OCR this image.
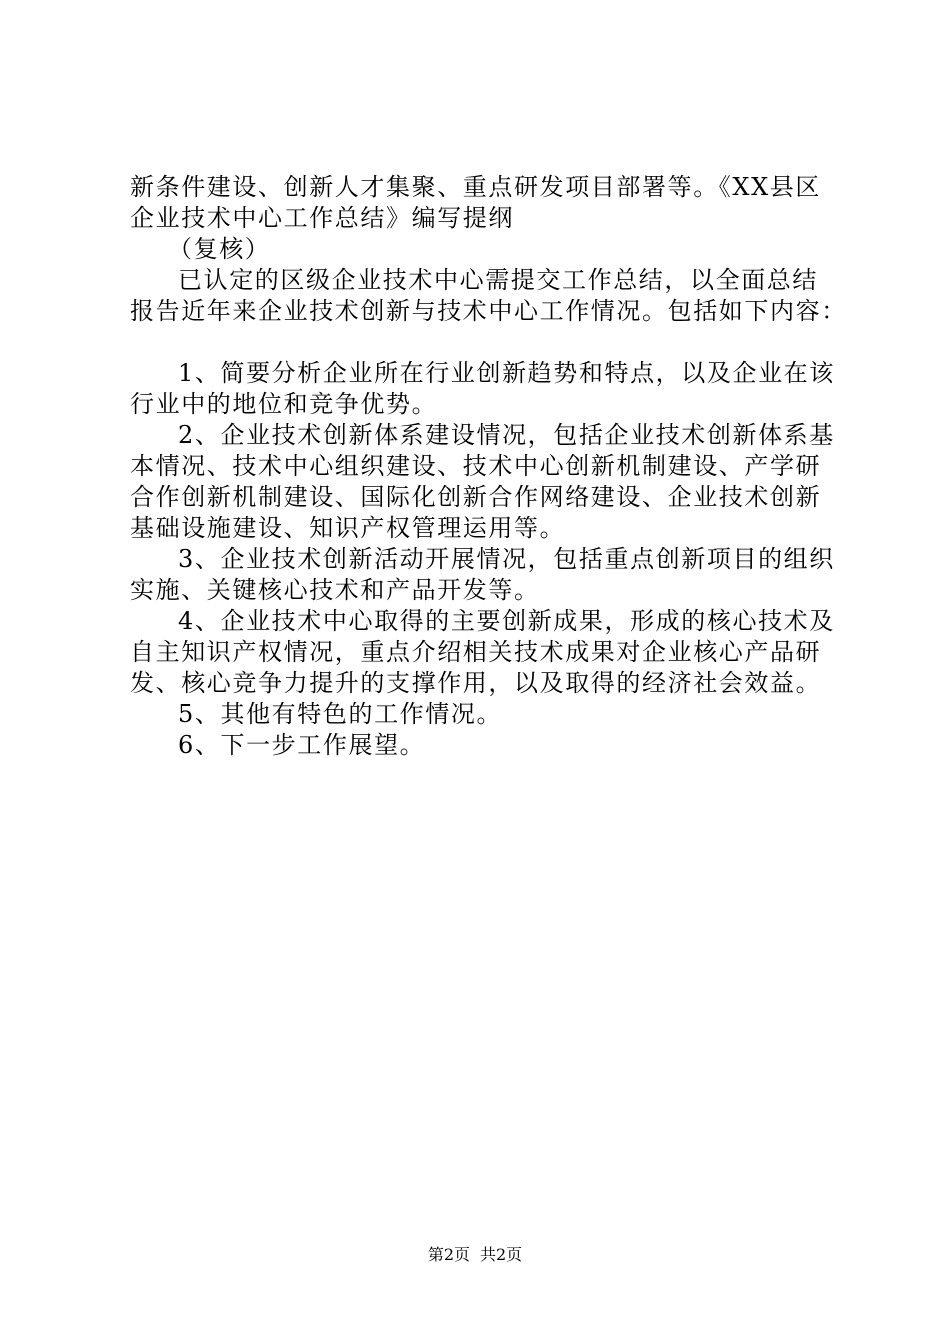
新条件建设、创新人才集聚、重点研发项目部署等。《XX县区
企业技术中心工作总结》编写提纲
（复核）
已认定的区级企业技术中心需提交工作总结，以全面总结
报告近年来企业技术创新与技术中心工作情况。包括如下内容：
1、简要分析企业所在行业创新趋势和特点，以及企业在该
行业中的地位和竞争优势。
2、企业技术创新体系建设情况，包括企业技术创新体系基
本情况、技术中心组织建设、技术中心创新机制建设、产学研
合作创新机制建设、国际化创新合作网络建设、企业技术创新
基础设施建设、知识产权管理运用等。
3、企业技术创新活动开展情况，包括重点创新项目的组织
实施、关键核心技术和产品开发等。
4、企业技术中心取得的主要创新成果，形成的核心技术及
自主知识产权情况，重点介绍相关技术成果对企业核心产品研
发、核心竞争力提升的支撑作用，以及取得的经济社会效益。
5、其他有特色的工作情况。
6、下一步工作展望。
第2页 共2页
